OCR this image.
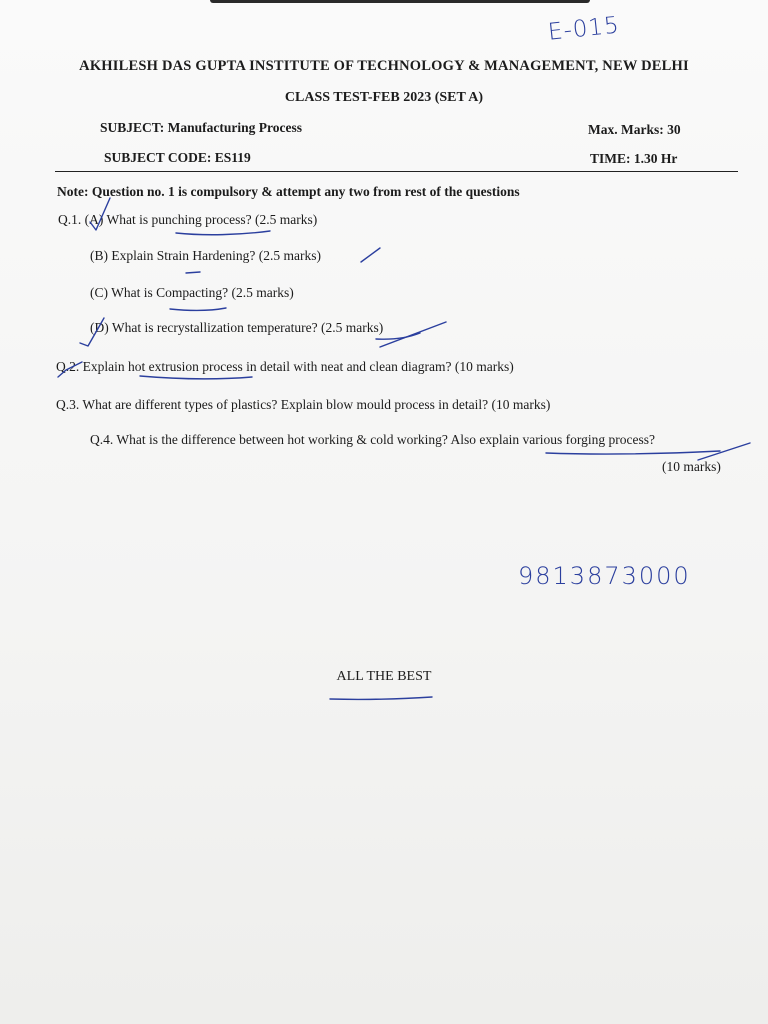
E-015
AKHILESH DAS GUPTA INSTITUTE OF TECHNOLOGY & MANAGEMENT, NEW DELHI
CLASS TEST-FEB 2023 (SET A)
SUBJECT: Manufacturing Process	Max. Marks: 30
SUBJECT CODE: ES119	TIME: 1.30 Hr
Note: Question no. 1 is compulsory & attempt any two from rest of the questions
Q.1. (A) What is punching process? (2.5 marks)
(B) Explain Strain Hardening? (2.5 marks)
(C) What is Compacting? (2.5 marks)
(D) What is recrystallization temperature? (2.5 marks)
Q.2. Explain hot extrusion process in detail with neat and clean diagram? (10 marks)
Q.3. What are different types of plastics? Explain blow mould process in detail? (10 marks)
Q.4. What is the difference between hot working & cold working? Also explain various forging process?
(10 marks)
9813873000
ALL THE BEST
